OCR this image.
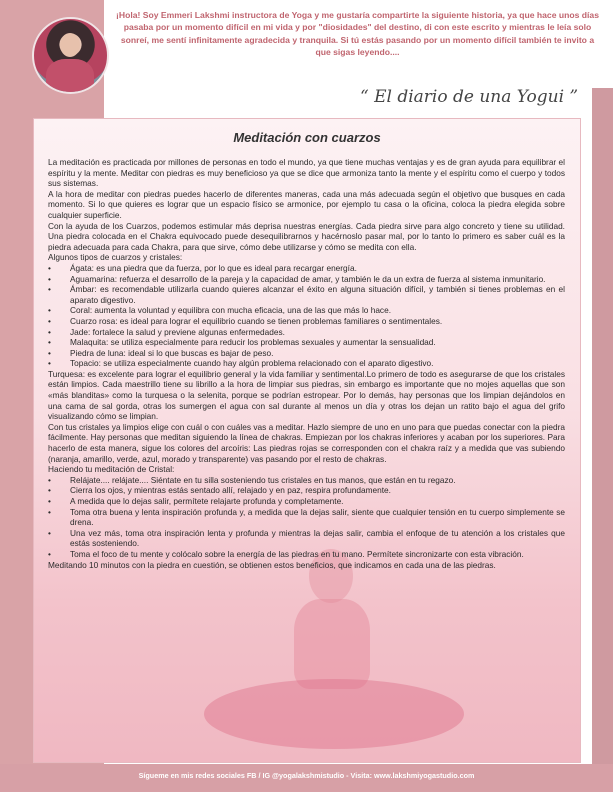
¡Hola! Soy Emmeri Lakshmi instructora de Yoga y me gustaría compartirte la siguiente historia, ya que hace unos días pasaba por un momento difícil en mi vida y por "diosidades" del destino, di con este escrito y mientras le leía solo sonreí, me sentí infinitamente agradecida y tranquila. Si tú estás pasando por un momento difícil también te invito a que sigas leyendo....

“ El diario de una Yogui ”

Meditación con cuarzos

La meditación es practicada por millones de personas en todo el mundo, ya que tiene muchas ventajas y es de gran ayuda para equilibrar el espíritu y la mente. Meditar con piedras es muy beneficioso ya que se dice que armoniza tanto la mente y el espíritu como el cuerpo y todos sus sistemas.

A la hora de meditar con piedras puedes hacerlo de diferentes maneras, cada una más adecuada según el objetivo que busques en cada momento. Si lo que quieres es lograr que un espacio físico se armonice, por ejemplo tu casa o la oficina, coloca la piedra elegida sobre cualquier superficie.

Con la ayuda de los Cuarzos, podemos estimular más deprisa nuestras energías. Cada piedra sirve para algo concreto y tiene su utilidad. Una piedra colocada en el Chakra equivocado puede desequilibrarnos y hacérnoslo pasar mal, por lo tanto lo primero es saber cuál es la piedra adecuada para cada Chakra, para que sirve, cómo debe utilizarse y cómo se medita con ella.

Algunos tipos de cuarzos y cristales:

•	Ágata: es una piedra que da fuerza, por lo que es ideal para recargar energía.
•	Aguamarina: refuerza el desarrollo de la pareja y la capacidad de amar, y también le da un extra de fuerza al sistema inmunitario.
•	Ámbar: es recomendable utilizarla cuando quieres alcanzar el éxito en alguna situación difícil, y también si tienes problemas en el aparato digestivo.
•	Coral: aumenta la voluntad y equilibra con mucha eficacia, una de las que más lo hace.
•	Cuarzo rosa: es ideal para lograr el equilibrio cuando se tienen problemas familiares o sentimentales.
•	Jade: fortalece la salud y previene algunas enfermedades.
•	Malaquita: se utiliza especialmente para reducir los problemas sexuales y aumentar la sensualidad.
•	Piedra de luna: ideal si lo que buscas es bajar de peso.
•	Topacio: se utiliza especialmente cuando hay algún problema relacionado con el aparato digestivo.

Turquesa: es excelente para lograr el equilibrio general y la vida familiar y sentimental.Lo primero de todo es asegurarse de que los cristales están limpios. Cada maestrillo tiene su librillo a la hora de limpiar sus piedras, sin embargo es importante que no mojes aquellas que son «más blanditas» como la turquesa o la selenita, porque se podrían estropear. Por lo demás, hay personas que los limpian dejándolos en una cama de sal gorda, otras los sumergen el agua con sal durante al menos un día y otras los dejan un ratito bajo el agua del grifo visualizando cómo se limpian.

Con tus cristales ya limpios elige con cuál o con cuáles vas a meditar. Hazlo siempre de uno en uno para que puedas conectar con la piedra fácilmente. Hay personas que meditan siguiendo la línea de chakras. Empiezan por los chakras inferiores y acaban por los superiores. Para hacerlo de esta manera, sigue los colores del arcoíris: Las piedras rojas se corresponden con el chakra raíz y a medida que vas subiendo (naranja, amarillo, verde, azul, morado y transparente) vas pasando por el resto de chakras.

Haciendo tu meditación de Cristal:

•	Relájate.... relájate.... Siéntate en tu silla sosteniendo tus cristales en tus manos, que están en tu regazo.
•	Cierra los ojos, y mientras estás sentado allí, relajado y en paz, respira profundamente.
•	A medida que lo dejas salir, permítete relajarte profunda y completamente.
•	Toma otra buena y lenta inspiración profunda y, a medida que la dejas salir, siente que cualquier tensión en tu cuerpo simplemente se drena.
•	Una vez más, toma otra inspiración lenta y profunda y mientras la dejas salir, cambia el enfoque de tu atención a los cristales que estás sosteniendo.
•	Toma el foco de tu mente y colócalo sobre la energía de las piedras en tu mano. Permítete sincronizarte con esta vibración.

Meditando 10 minutos con la piedra en cuestión, se obtienen estos beneficios, que indicamos en cada una de las piedras.

Sígueme en mis redes sociales FB / IG @yogalakshmistudio - Visita: www.lakshmiyogastudio.com
